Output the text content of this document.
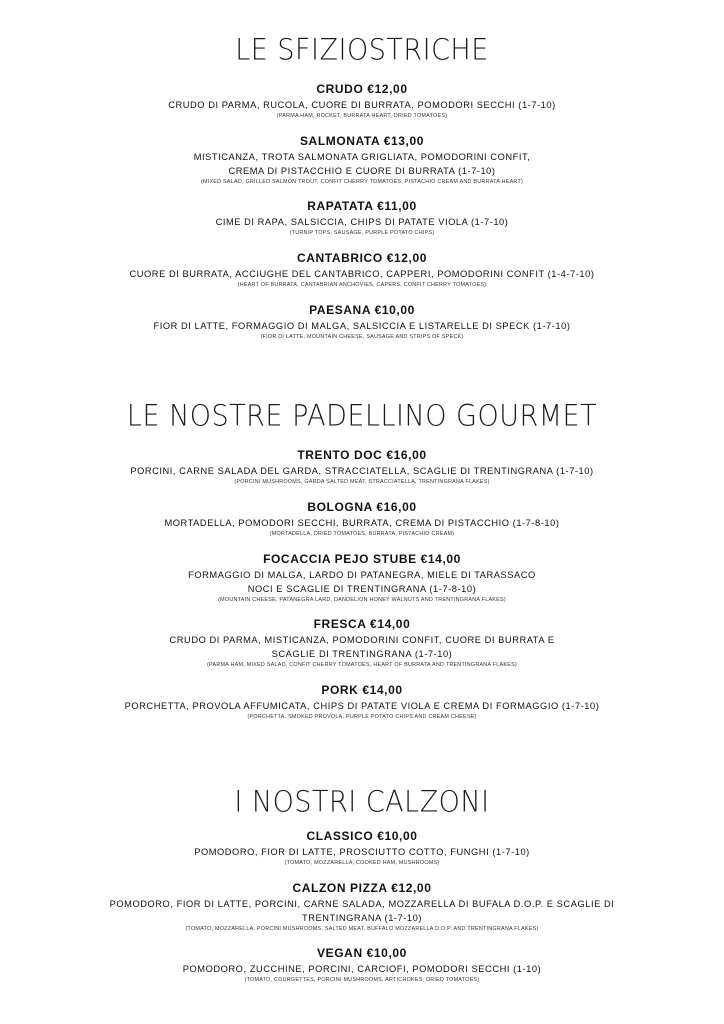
LE SFIZIOSTRICHE

CRUDO €12,00

CRUDO DI PARMA, RUCOLA, CUORE DI BURRATA, POMODORI SECCHI (1-7-10)

(PARMA HAM, ROCKET, BURRATA HEART, DRIED TOMATOES)

SALMONATA €13,00

MISTICANZA, TROTA SALMONATA GRIGLIATA, POMODORINI CONFIT, CREMA DI PISTACCHIO E CUORE DI BURRATA (1-7-10)

(MIXED SALAD, GRILLED SALMON TROUT, CONFIT CHERRY TOMATOES, PISTACHIO CREAM AND BURRATA HEART)

RAPATATA €11,00

CIME DI RAPA, SALSICCIA, CHIPS DI PATATE VIOLA (1-7-10)

(TURNIP TOPS, SAUSAGE, PURPLE POTATO CHIPS)

CANTABRICO €12,00

CUORE DI BURRATA, ACCIUGHE DEL CANTABRICO, CAPPERI, POMODORINI CONFIT (1-4-7-10)

(HEART OF BURRATA, CANTABRIAN ANCHOVIES, CAPERS, CONFIT CHERRY TOMATOES)

PAESANA €10,00

FIOR DI LATTE, FORMAGGIO DI MALGA, SALSICCIA E LISTARELLE DI SPECK (1-7-10)

(FIOR DI LATTE, MOUNTAIN CHEESE, SAUSAGE AND STRIPS OF SPECK)

LE NOSTRE PADELLINO GOURMET

TRENTO DOC €16,00

PORCINI, CARNE SALADA DEL GARDA, STRACCIATELLA, SCAGLIE DI TRENTINGRANA (1-7-10)

(PORCINI MUSHROOMS, GARDA SALTED MEAT, STRACCIATELLA, TRENTINGRANA FLAKES)

BOLOGNA €16,00

MORTADELLA, POMODORI SECCHI, BURRATA, CREMA DI PISTACCHIO (1-7-8-10)

(MORTADELLA, DRIED TOMATOES, BURRATA, PISTACHIO CREAM)

FOCACCIA PEJO STUBE €14,00

FORMAGGIO DI MALGA, LARDO DI PATANEGRA, MIELE DI TARASSACO NOCI E SCAGLIE DI TRENTINGRANA (1-7-8-10)

(MOUNTAIN CHEESE, PATANEGRA LARD, DANDELION HONEY WALNUTS AND TRENTINGRANA FLAKES)

FRESCA €14,00

CRUDO DI PARMA, MISTICANZA, POMODORINI CONFIT, CUORE DI BURRATA E SCAGLIE DI TRENTINGRANA (1-7-10)

(PARMA HAM, MIXED SALAD, CONFIT CHERRY TOMATOES, HEART OF BURRATA AND TRENTINGRANA FLAKES)

PORK €14,00

PORCHETTA, PROVOLA AFFUMICATA, CHIPS DI PATATE VIOLA E CREMA DI FORMAGGIO (1-7-10)

(PORCHETTA, SMOKED PROVOLA, PURPLE POTATO CHIPS AND CREAM CHEESE)

I NOSTRI CALZONI

CLASSICO €10,00

POMODORO, FIOR DI LATTE, PROSCIUTTO COTTO, FUNGHI (1-7-10)

(TOMATO, MOZZARELLA, COOKED HAM, MUSHROOMS)

CALZON PIZZA €12,00

POMODORO, FIOR DI LATTE, PORCINI, CARNE SALADA, MOZZARELLA DI BUFALA D.O.P. E SCAGLIE DI TRENTINGRANA (1-7-10)

(TOMATO, MOZZARELLA, PORCINI MUSHROOMS, SALTED MEAT, BUFFALO MOZZARELLA D.O.P. AND TRENTINGRANA FLAKES)

VEGAN €10,00

POMODORO, ZUCCHINE, PORCINI, CARCIOFI, POMODORI SECCHI (1-10)

(TOMATO, COURGETTES, PORCINI MUSHROOMS, ARTICHOKES, DRIED TOMATOES)
